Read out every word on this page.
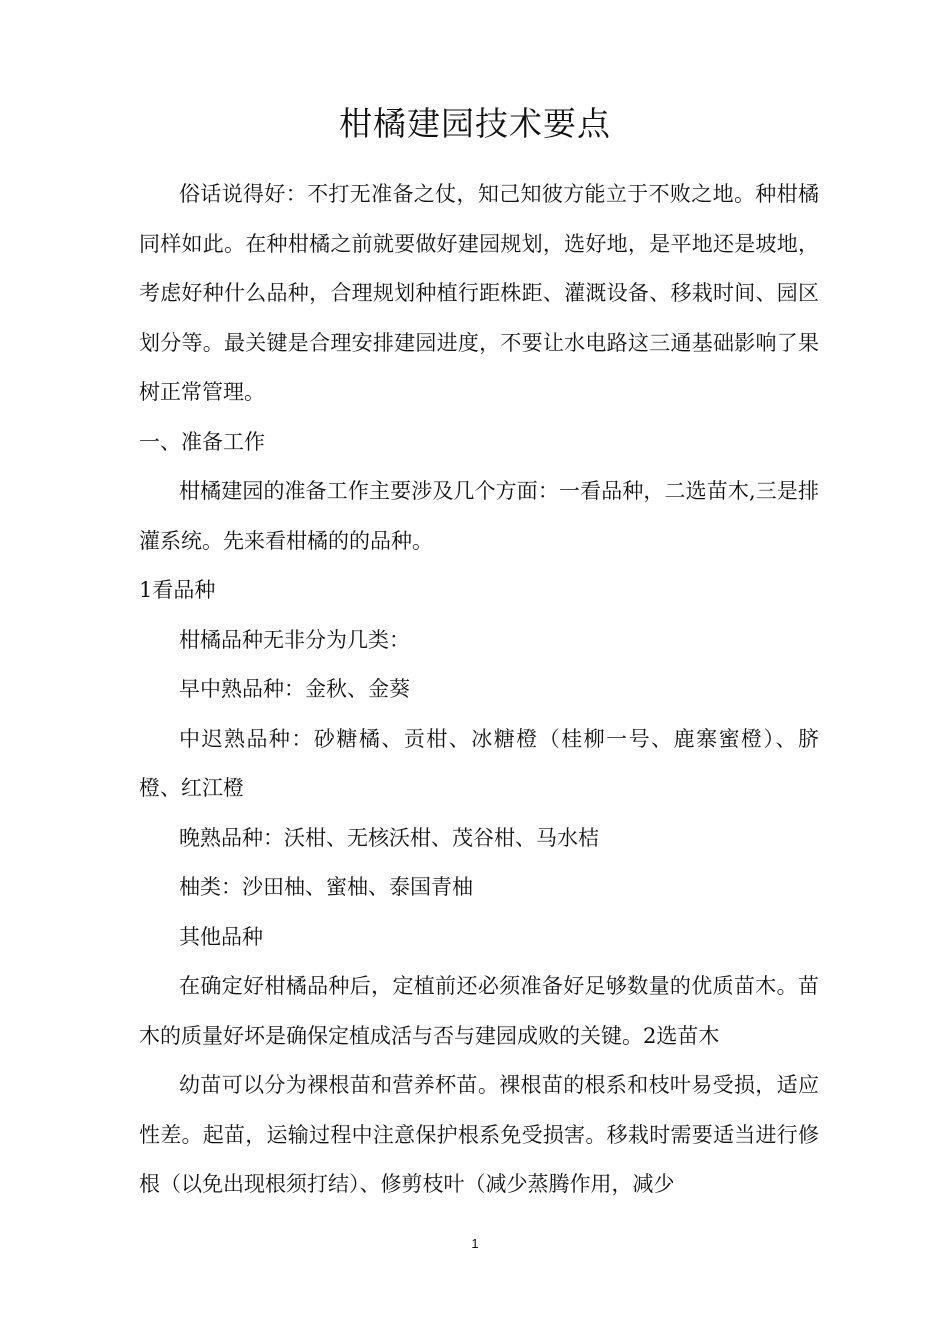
柑橘建园技术要点

俗话说得好：不打无准备之仗，知己知彼方能立于不败之地。种柑橘同样如此。在种柑橘之前就要做好建园规划，选好地，是平地还是坡地，考虑好种什么品种，合理规划种植行距株距、灌溉设备、移栽时间、园区划分等。最关键是合理安排建园进度，不要让水电路这三通基础影响了果树正常管理。

一、准备工作

柑橘建园的准备工作主要涉及几个方面：一看品种，二选苗木,三是排灌系统。先来看柑橘的的品种。

1看品种

柑橘品种无非分为几类：

早中熟品种：金秋、金葵

中迟熟品种：砂糖橘、贡柑、冰糖橙（桂柳一号、鹿寨蜜橙）、脐橙、红江橙

晚熟品种：沃柑、无核沃柑、茂谷柑、马水桔

柚类：沙田柚、蜜柚、泰国青柚

其他品种

在确定好柑橘品种后，定植前还必须准备好足够数量的优质苗木。苗木的质量好坏是确保定植成活与否与建园成败的关键。2选苗木

幼苗可以分为裸根苗和营养杯苗。裸根苗的根系和枝叶易受损，适应性差。起苗，运输过程中注意保护根系免受损害。移栽时需要适当进行修根（以免出现根须打结）、修剪枝叶（减少蒸腾作用，减少

1
